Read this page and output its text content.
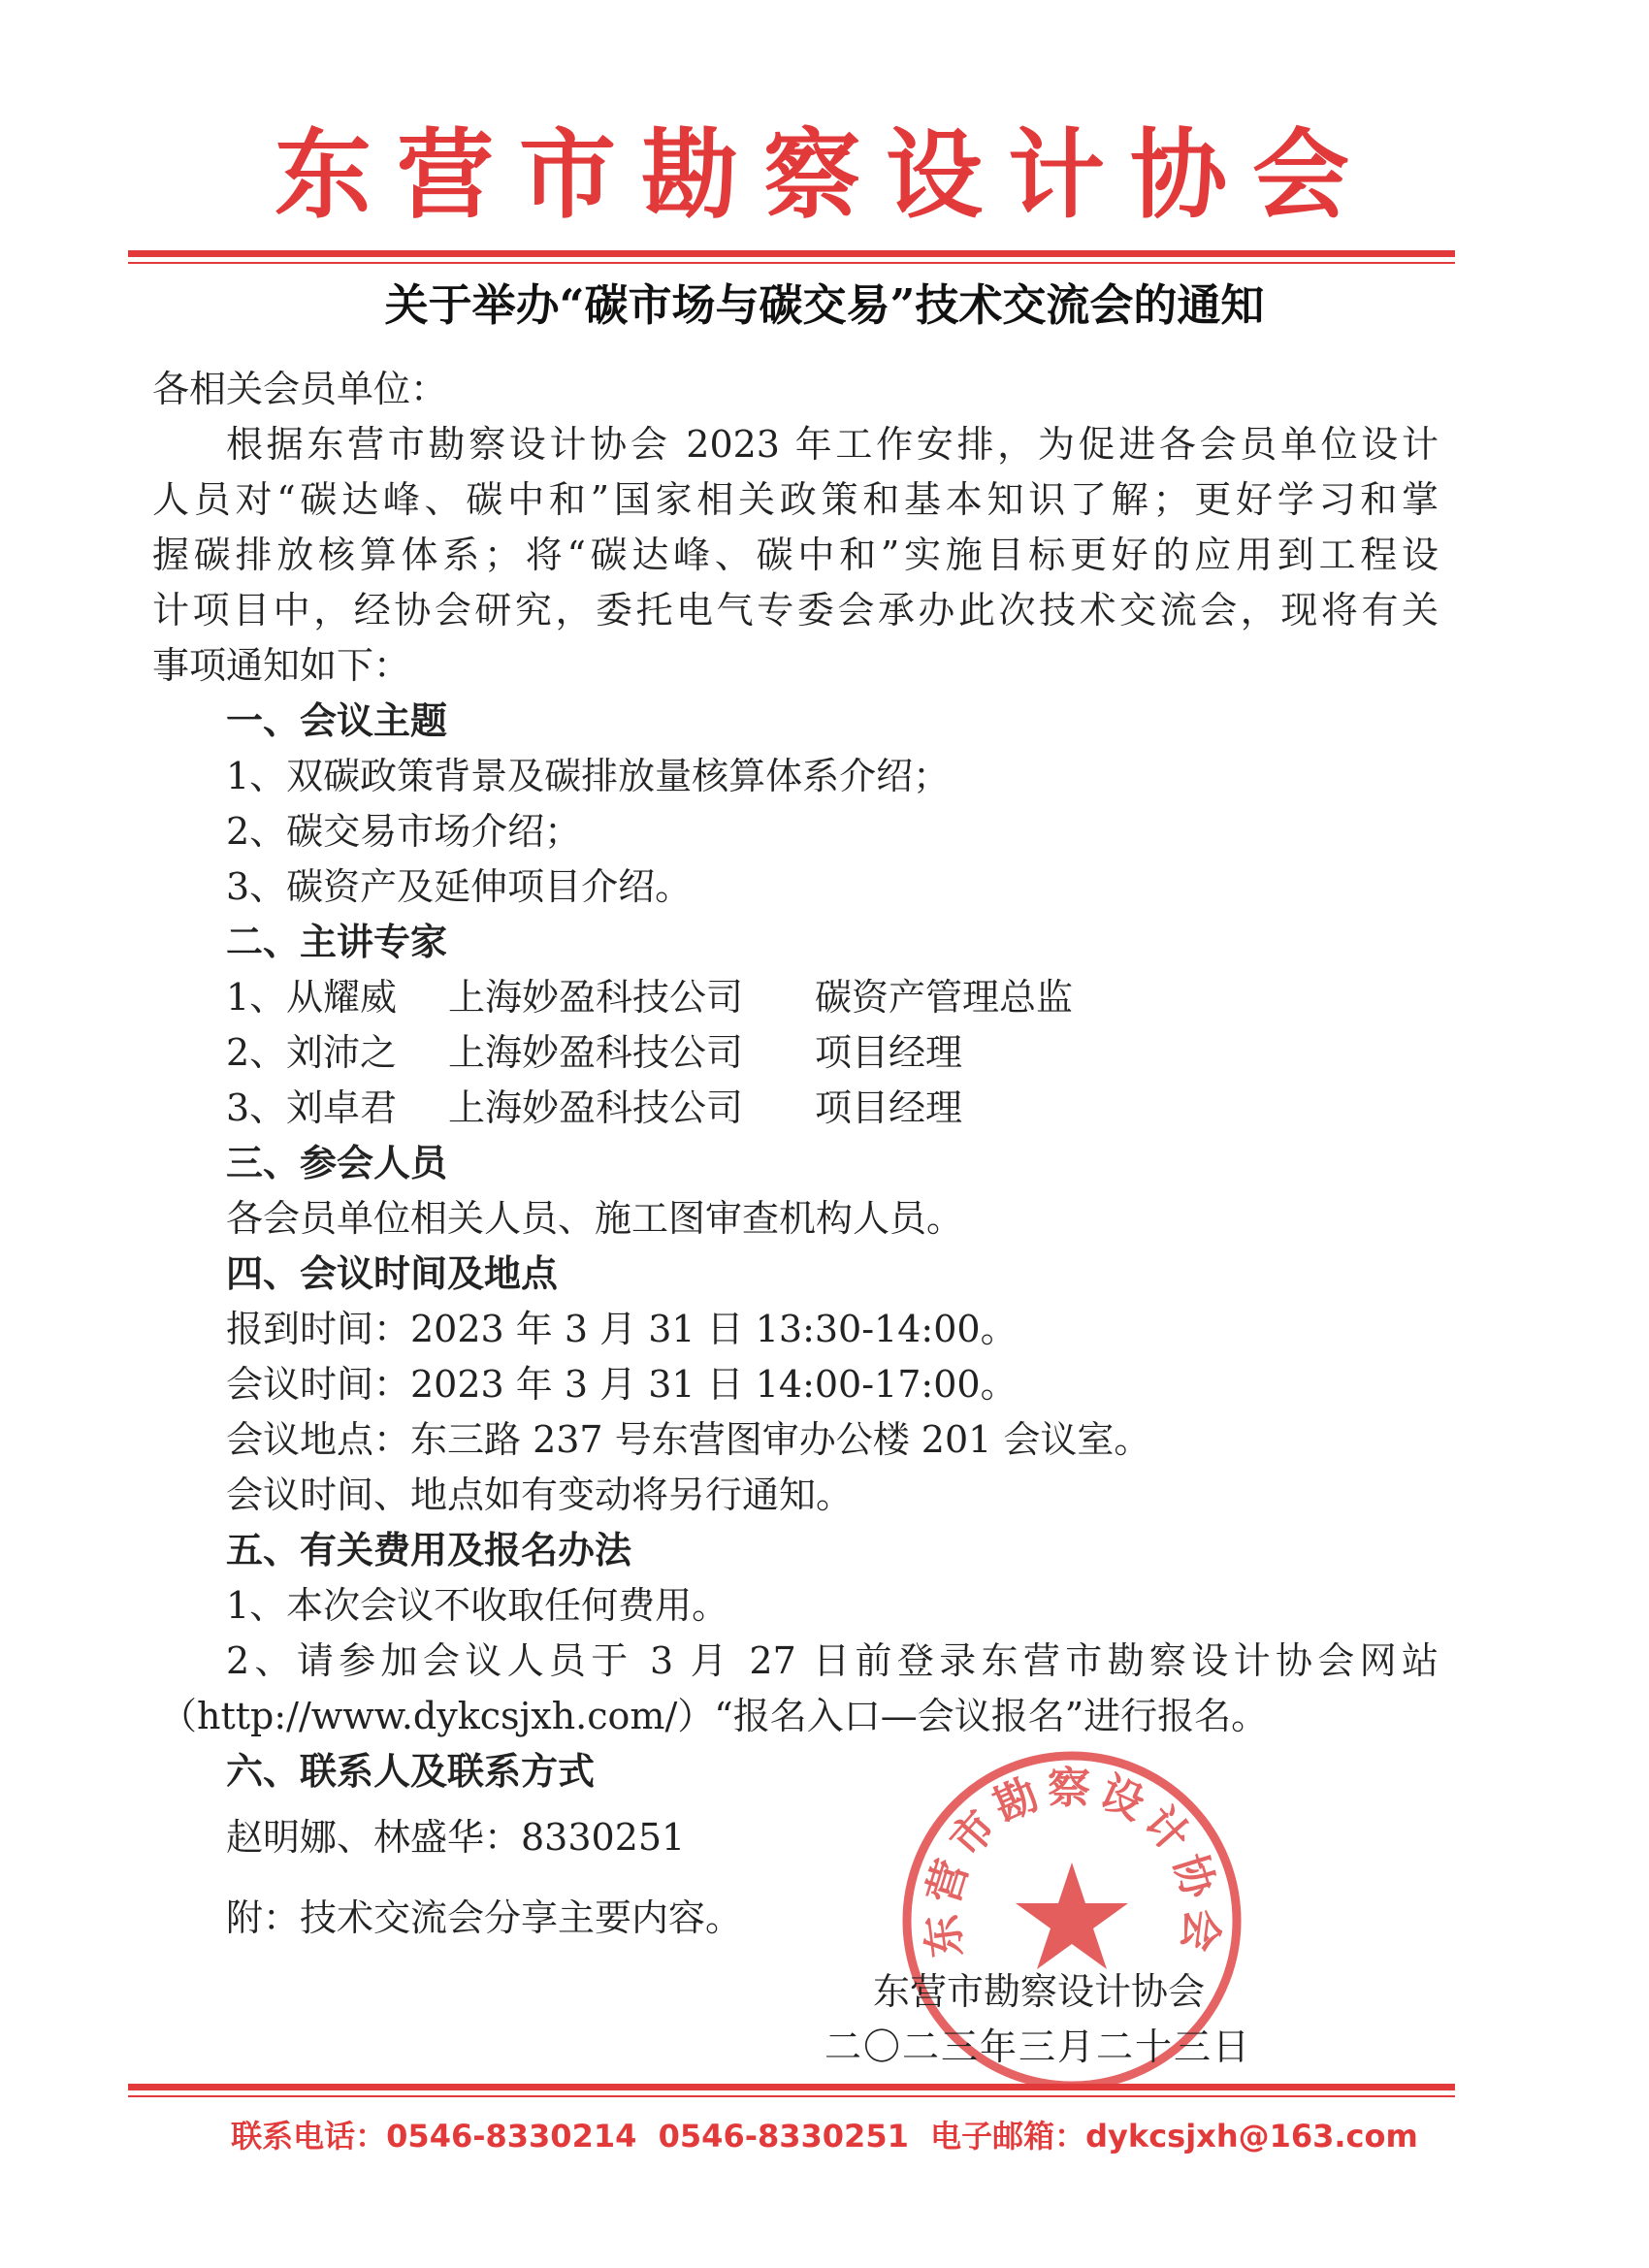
东营市勘察设计协会
关于举办“碳市场与碳交易”技术交流会的通知
各相关会员单位：
根据东营市勘察设计协会 2023 年工作安排，为促进各会员单位设计
人员对“碳达峰、碳中和”国家相关政策和基本知识了解；更好学习和掌
握碳排放核算体系；将“碳达峰、碳中和”实施目标更好的应用到工程设
计项目中，经协会研究，委托电气专委会承办此次技术交流会，现将有关
事项通知如下：
一、会议主题
1、双碳政策背景及碳排放量核算体系介绍；
2、碳交易市场介绍；
3、碳资产及延伸项目介绍。
二、主讲专家
1、 从耀威 上海妙盈科技公司 碳资产管理总监
2、 刘沛之 上海妙盈科技公司 项目经理
3、 刘卓君 上海妙盈科技公司 项目经理
三、参会人员
各会员单位相关人员、施工图审查机构人员。
四、会议时间及地点
报到时间：2023 年 3 月 31 日 13:30-14:00。
会议时间：2023 年 3 月 31 日 14:00-17:00。
会议地点：东三路 237 号东营图审办公楼 201 会议室。
会议时间、地点如有变动将另行通知。
五、有关费用及报名办法
1、本次会议不收取任何费用。
2、请参加会议人员于 3 月 27 日前登录东营市勘察设计协会网站
（http://www.dykcsjxh.com/）“报名入口—会议报名”进行报名。
六、联系人及联系方式
赵明娜、林盛华：8330251
附：技术交流会分享主要内容。	东营市勘察设计协会
东营市勘察设计协会
二〇二三年三月二十三日
联系电话：0546-8330214 0546-8330251 电子邮箱：dykcsjxh@163.com
